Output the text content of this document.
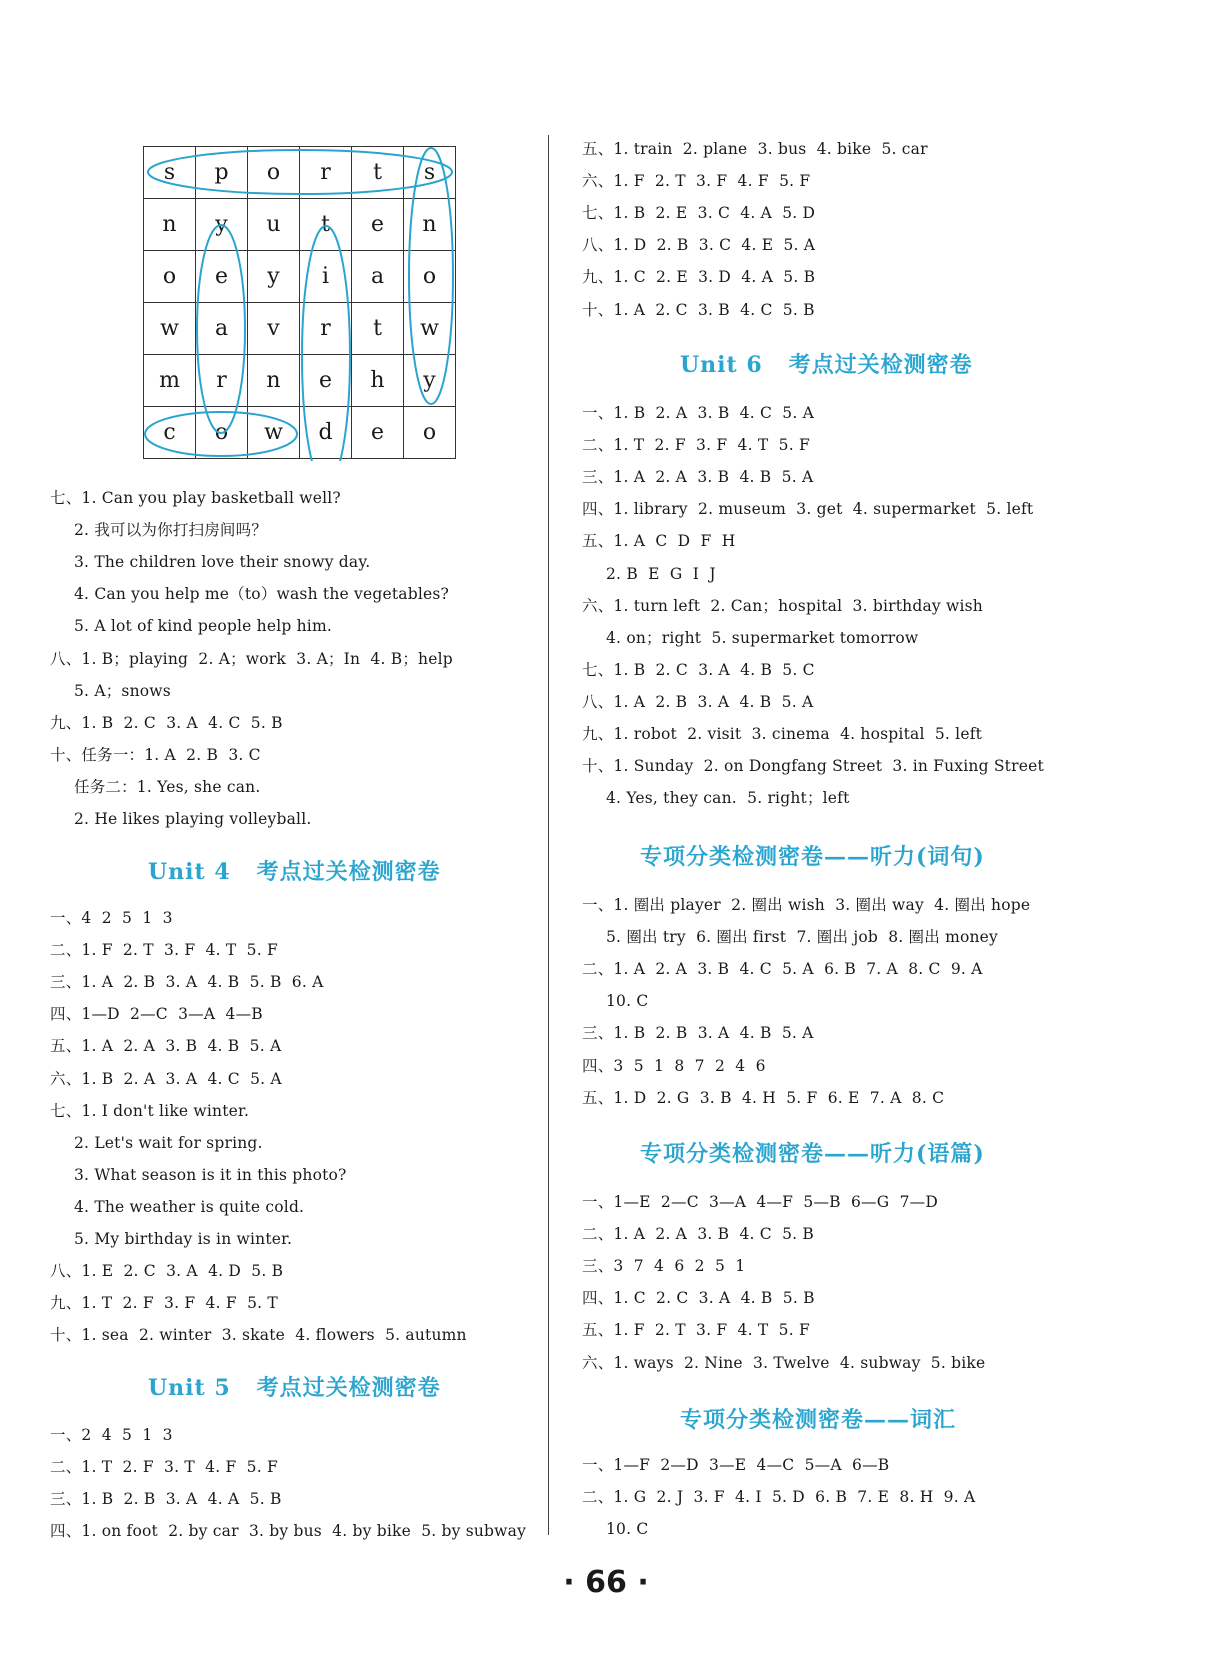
s	p	o	r	t	s
n	y	u	t	e	n
o	e	y	i	a	o
w	a	v	r	t	w
m	r	n	e	h	y
c	o	w	d	e	o
七、1. Can you play basketball well?
2. 我可以为你打扫房间吗？
3. The children love their snowy day.
4. Can you help me（to）wash the vegetables?
5. A lot of kind people help him.
八、1. B；playing  2. A；work  3. A；In  4. B；help
5. A；snows
九、1. B  2. C  3. A  4. C  5. B
十、任务一：1. A  2. B  3. C
任务二：1. Yes, she can.
2. He likes playing volleyball.
Unit 4   考点过关检测密卷
一、4  2  5  1  3
二、1. F  2. T  3. F  4. T  5. F
三、1. A  2. B  3. A  4. B  5. B  6. A
四、1—D  2—C  3—A  4—B
五、1. A  2. A  3. B  4. B  5. A
六、1. B  2. A  3. A  4. C  5. A
七、1. I don't like winter.
2. Let's wait for spring.
3. What season is it in this photo?
4. The weather is quite cold.
5. My birthday is in winter.
八、1. E  2. C  3. A  4. D  5. B
九、1. T  2. F  3. F  4. F  5. T
十、1. sea  2. winter  3. skate  4. flowers  5. autumn
Unit 5   考点过关检测密卷
一、2  4  5  1  3
二、1. T  2. F  3. T  4. F  5. F
三、1. B  2. B  3. A  4. A  5. B
四、1. on foot  2. by car  3. by bus  4. by bike  5. by subway
五、1. train  2. plane  3. bus  4. bike  5. car
六、1. F  2. T  3. F  4. F  5. F
七、1. B  2. E  3. C  4. A  5. D
八、1. D  2. B  3. C  4. E  5. A
九、1. C  2. E  3. D  4. A  5. B
十、1. A  2. C  3. B  4. C  5. B
Unit 6   考点过关检测密卷
一、1. B  2. A  3. B  4. C  5. A
二、1. T  2. F  3. F  4. T  5. F
三、1. A  2. A  3. B  4. B  5. A
四、1. library  2. museum  3. get  4. supermarket  5. left
五、1. A  C  D  F  H
2. B  E  G  I  J
六、1. turn left  2. Can；hospital  3. birthday wish
4. on；right  5. supermarket tomorrow
七、1. B  2. C  3. A  4. B  5. C
八、1. A  2. B  3. A  4. B  5. A
九、1. robot  2. visit  3. cinema  4. hospital  5. left
十、1. Sunday  2. on Dongfang Street  3. in Fuxing Street
4. Yes, they can.  5. right；left
专项分类检测密卷——听力(词句)
一、1. 圈出 player  2. 圈出 wish  3. 圈出 way  4. 圈出 hope
5. 圈出 try  6. 圈出 first  7. 圈出 job  8. 圈出 money
二、1. A  2. A  3. B  4. C  5. A  6. B  7. A  8. C  9. A
10. C
三、1. B  2. B  3. A  4. B  5. A
四、3  5  1  8  7  2  4  6
五、1. D  2. G  3. B  4. H  5. F  6. E  7. A  8. C
专项分类检测密卷——听力(语篇)
一、1—E  2—C  3—A  4—F  5—B  6—G  7—D
二、1. A  2. A  3. B  4. C  5. B
三、3  7  4  6  2  5  1
四、1. C  2. C  3. A  4. B  5. B
五、1. F  2. T  3. F  4. T  5. F
六、1. ways  2. Nine  3. Twelve  4. subway  5. bike
专项分类检测密卷——词汇
一、1—F  2—D  3—E  4—C  5—A  6—B
二、1. G  2. J  3. F  4. I  5. D  6. B  7. E  8. H  9. A
10. C
· 66 ·
